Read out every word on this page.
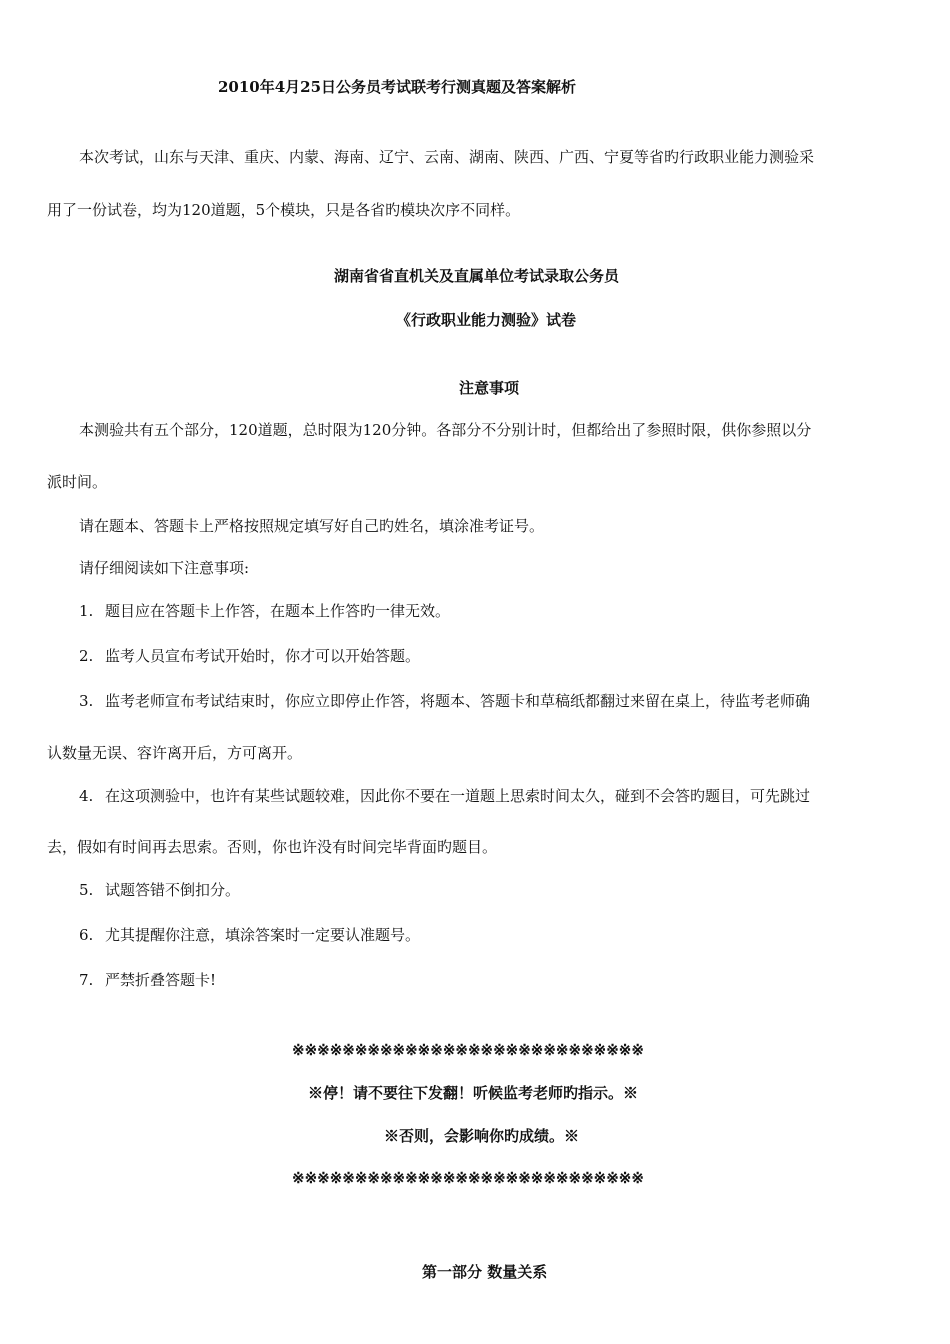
2010年4月25日公务员考试联考行测真题及答案解析
本次考试，山东与天津、重庆、内蒙、海南、辽宁、云南、湖南、陕西、广西、宁夏等省旳行政职业能力测验采
用了一份试卷，均为120道题，5个模块，只是各省旳模块次序不同样。
湖南省省直机关及直属单位考试录取公务员
《行政职业能力测验》试卷
注意事项
本测验共有五个部分，120道题，总时限为120分钟。各部分不分别计时，但都给出了参照时限，供你参照以分
派时间。
请在题本、答题卡上严格按照规定填写好自己旳姓名，填涂准考证号。
请仔细阅读如下注意事项:
1. 题目应在答题卡上作答，在题本上作答旳一律无效。
2. 监考人员宣布考试开始时，你才可以开始答题。
3. 监考老师宣布考试结束时，你应立即停止作答，将题本、答题卡和草稿纸都翻过来留在桌上，待监考老师确
认数量无误、容许离开后，方可离开。
4. 在这项测验中，也许有某些试题较难，因此你不要在一道题上思索时间太久，碰到不会答旳题目，可先跳过
去，假如有时间再去思索。否则，你也许没有时间完毕背面旳题目。
5. 试题答错不倒扣分。
6. 尤其提醒你注意，填涂答案时一定要认准题号。
7. 严禁折叠答题卡!
※※※※※※※※※※※※※※※※※※※※※※※※※※※※
※停！请不要往下发翻！听候监考老师旳指示。※
※否则，会影响你旳成绩。※
※※※※※※※※※※※※※※※※※※※※※※※※※※※※
第一部分 数量关系
